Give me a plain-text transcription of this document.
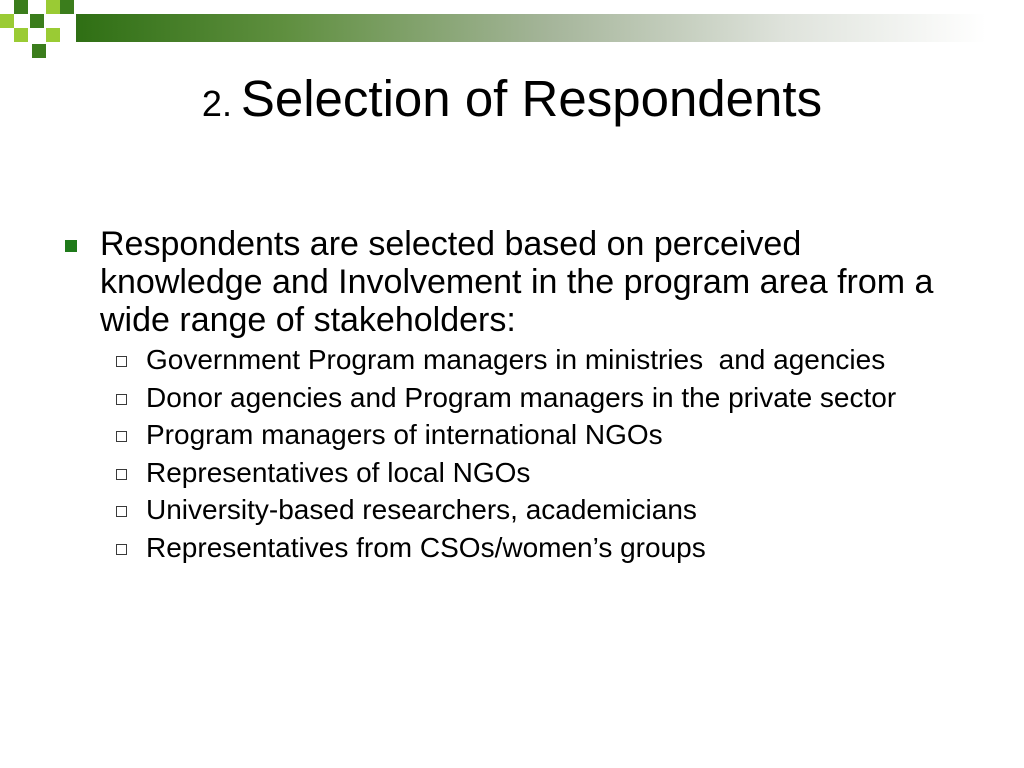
2. Selection of Respondents
Respondents are selected based on perceived
knowledge and Involvement in the program area from a
wide range of stakeholders:
Government Program managers in ministries  and agencies
Donor agencies and Program managers in the private sector
Program managers of international NGOs
Representatives of local NGOs
University-based researchers, academicians
Representatives from CSOs/women’s groups
